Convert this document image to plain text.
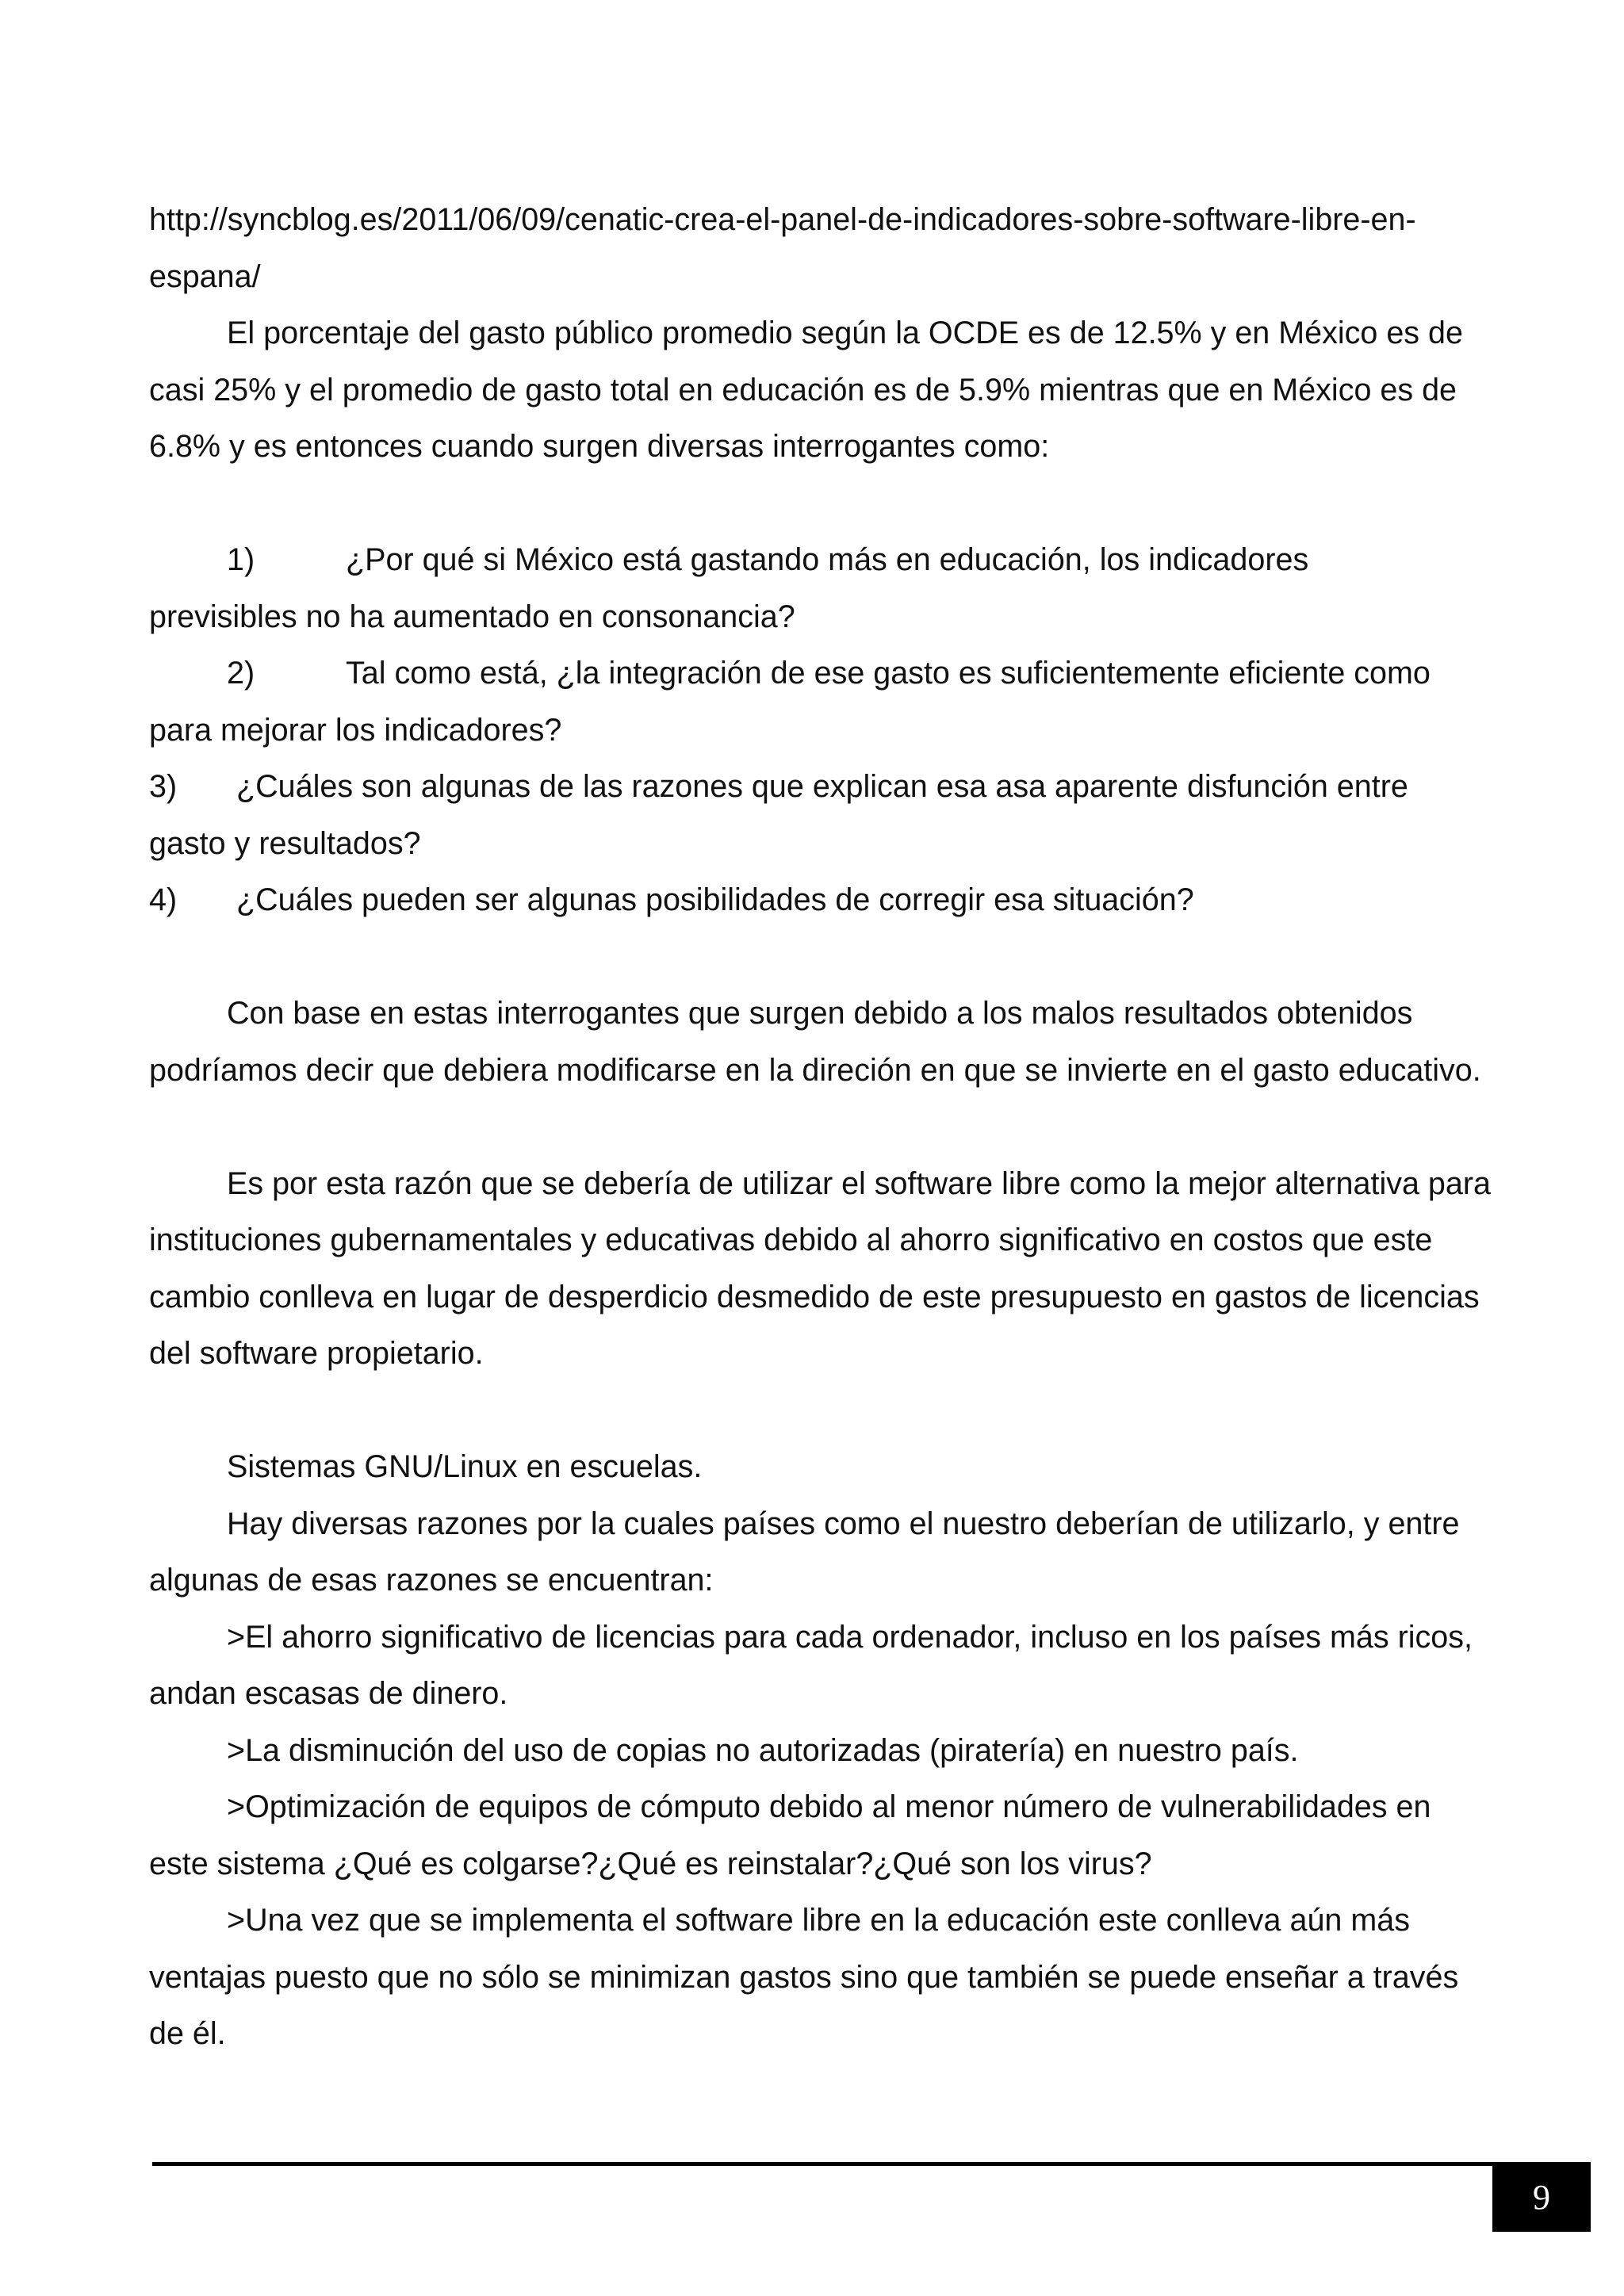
http://syncblog.es/2011/06/09/cenatic-crea-el-panel-de-indicadores-sobre-software-libre-en-

espana/

El porcentaje del gasto público promedio según la OCDE es de 12.5% y en México es de casi 25% y el promedio de gasto total en educación es de 5.9% mientras que en México es de 6.8% y es entonces cuando surgen diversas interrogantes como:

1)	¿Por qué si México está gastando más en educación, los indicadores

previsibles no ha aumentado en consonancia?

2)	Tal como está, ¿la integración de ese gasto es suficientemente eficiente como

para mejorar los indicadores?

3) ¿Cuáles son algunas de las razones que explican esa asa aparente disfunción entre

gasto y resultados?

4) ¿Cuáles pueden ser algunas posibilidades de corregir esa situación?

Con base en estas interrogantes que surgen debido a los malos resultados obtenidos podríamos decir que debiera modificarse en la direción en que se invierte en el gasto educativo.

Es por esta razón que se debería de utilizar el software libre como la mejor alternativa para instituciones gubernamentales y educativas debido al ahorro significativo en costos que este cambio conlleva en lugar de desperdicio desmedido de este presupuesto en gastos de licencias del software propietario.

Sistemas GNU/Linux en escuelas.

Hay diversas razones por la cuales países como el nuestro deberían de utilizarlo, y entre algunas de esas razones se encuentran:

>El ahorro significativo de licencias para cada ordenador, incluso en los países más ricos, andan escasas de dinero.

>La disminución del uso de copias no autorizadas (piratería) en nuestro país.

>Optimización de equipos de cómputo debido al menor número de vulnerabilidades en este sistema ¿Qué es colgarse?¿Qué es reinstalar?¿Qué son los virus?

>Una vez que se implementa el software libre en la educación este conlleva aún más ventajas puesto que no sólo se minimizan gastos sino que también se puede enseñar a través de él.

9
